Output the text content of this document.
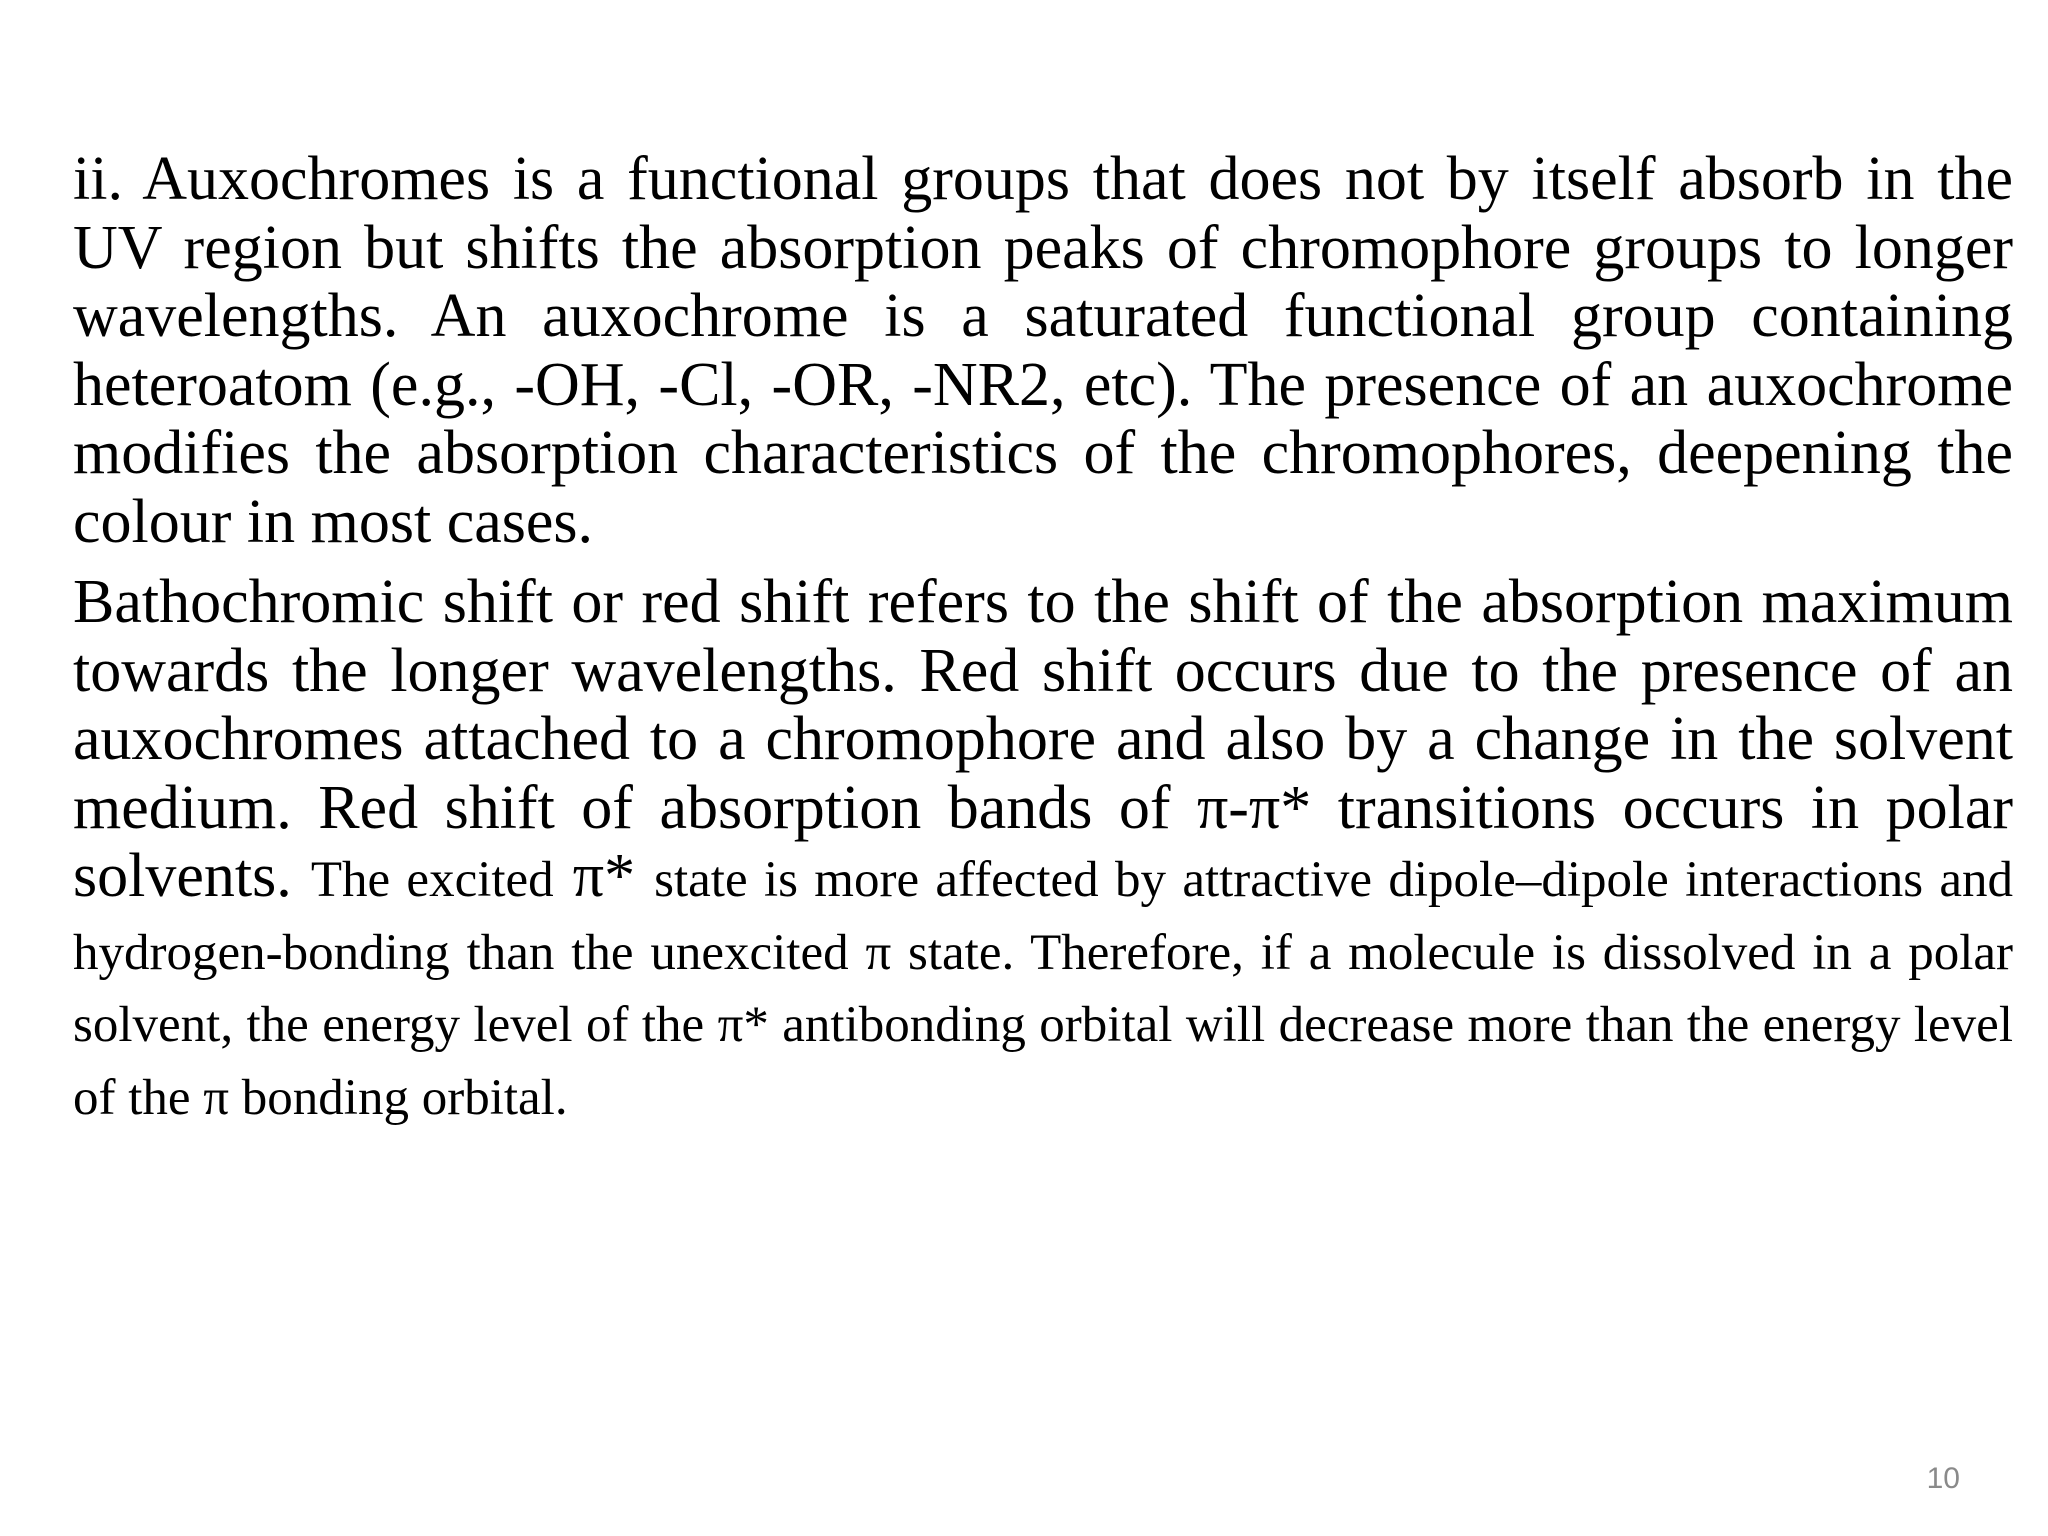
ii. Auxochromes is a functional groups that does not by itself absorb in the UV region but shifts the absorption peaks of chromophore groups to longer wavelengths. An auxochrome is a saturated functional group containing heteroatom (e.g., -OH, -Cl, -OR, -NR2, etc). The presence of an auxochrome modifies the absorption characteristics of the chromophores, deepening the colour in most cases.

Bathochromic shift or red shift refers to the shift of the absorption maximum towards the longer wavelengths. Red shift occurs due to the presence of an auxochromes attached to a chromophore and also by a change in the solvent medium. Red shift of absorption bands of π-π* transitions occurs in polar solvents. The excited π* state is more affected by attractive dipole–dipole interactions and hydrogen-bonding than the unexcited π state. Therefore, if a molecule is dissolved in a polar solvent, the energy level of the π* antibonding orbital will decrease more than the energy level of the π bonding orbital.

10
